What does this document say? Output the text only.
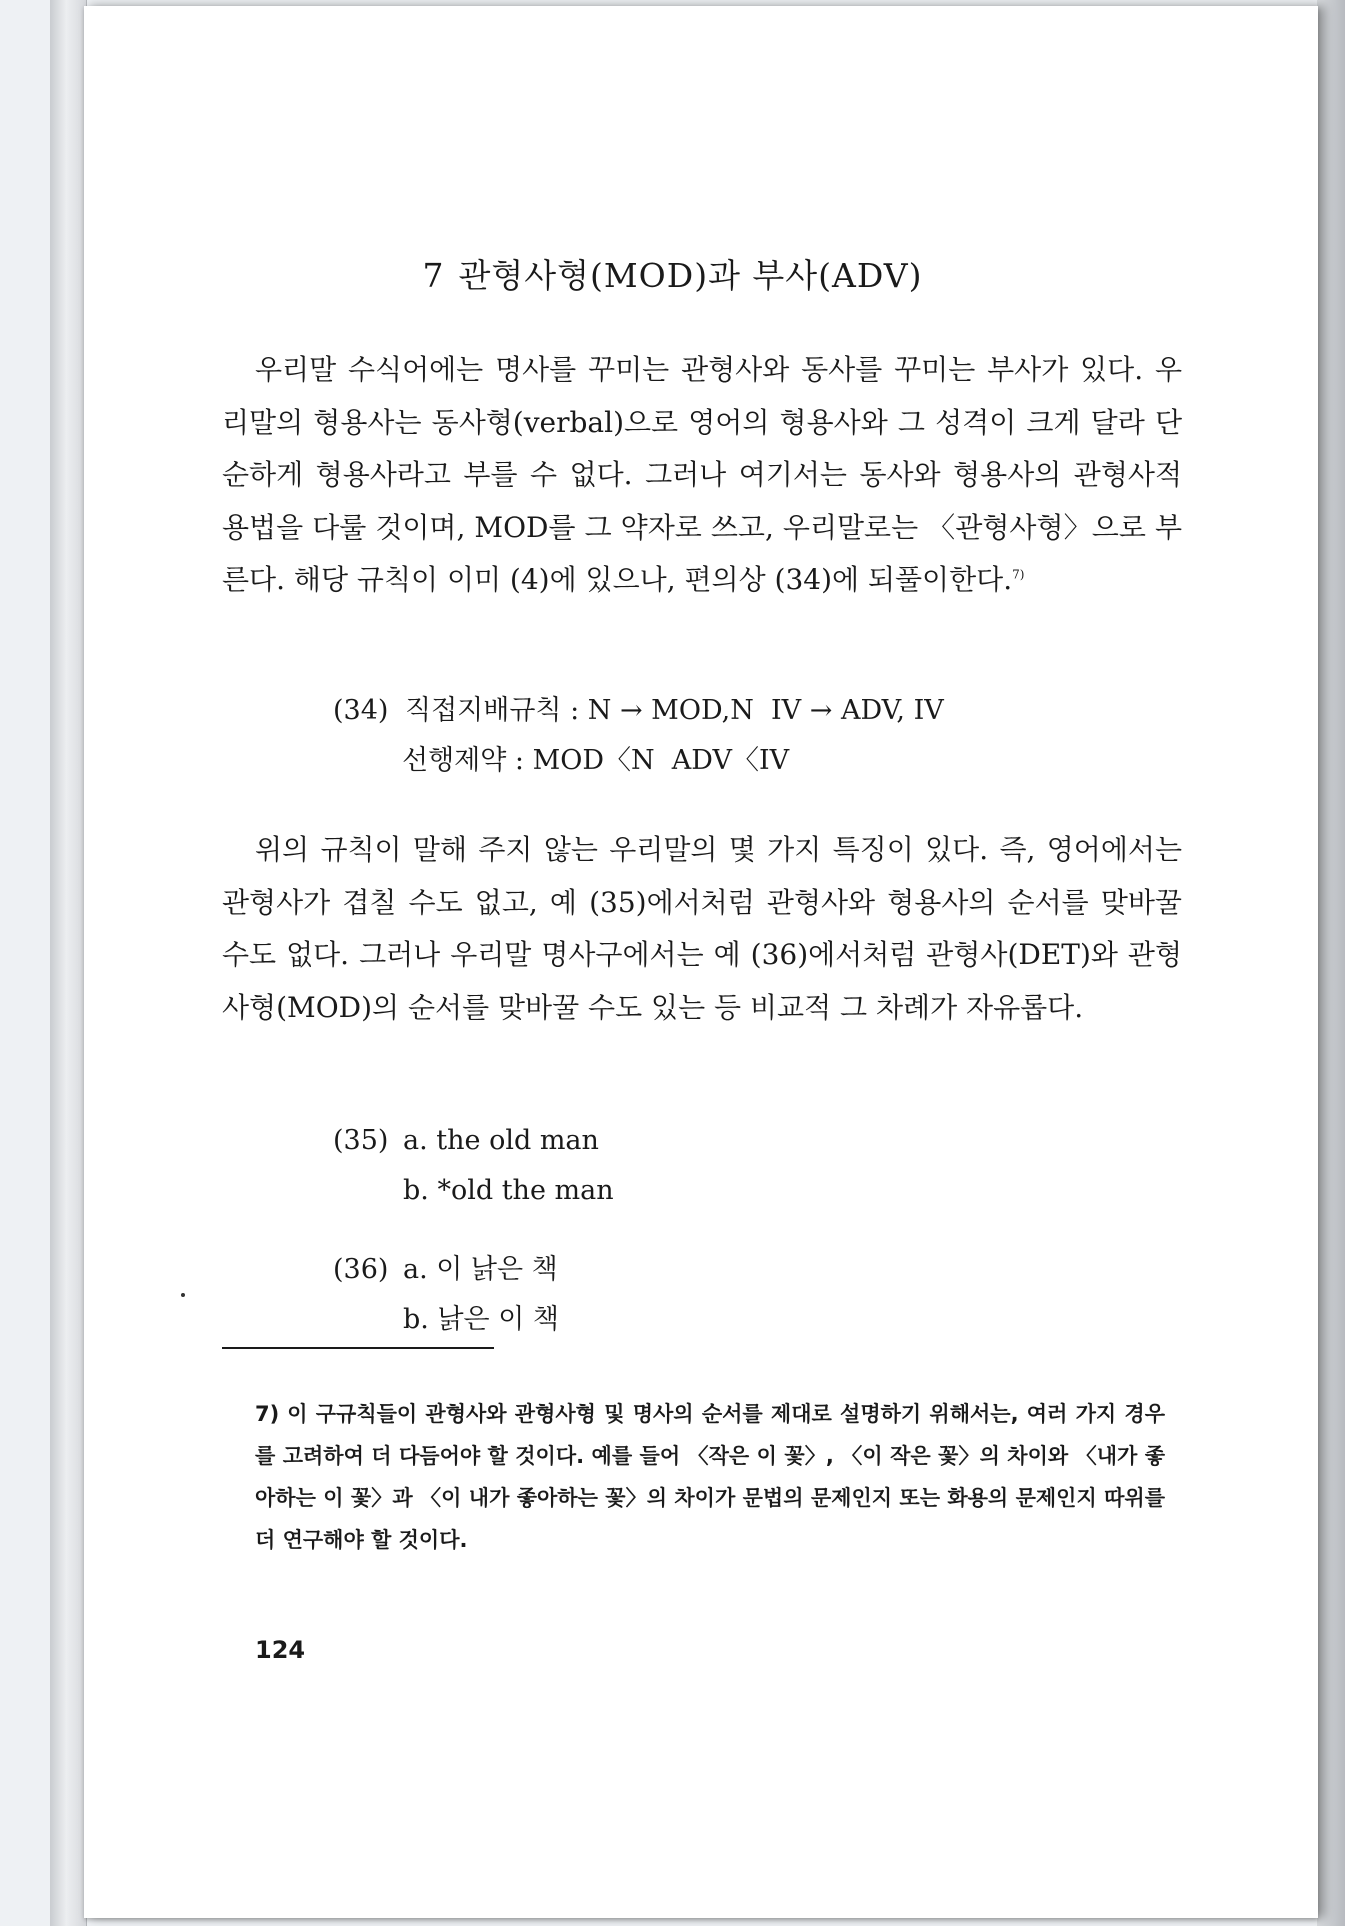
7 관형사형(MOD)과 부사(ADV)

우리말 수식어에는 명사를 꾸미는 관형사와 동사를 꾸미는 부사가 있다. 우리말의 형용사는 동사형(verbal)으로 영어의 형용사와 그 성격이 크게 달라 단순하게 형용사라고 부를 수 없다. 그러나 여기서는 동사와 형용사의 관형사적 용법을 다룰 것이며, MOD를 그 약자로 쓰고, 우리말로는 〈관형사형〉으로 부른다. 해당 규칙이 이미 (4)에 있으나, 편의상 (34)에 되풀이한다.$^{7)}$

(34) 직접지배규칙 : N → MOD,N  IV → ADV, IV
선행제약 : MOD〈N  ADV〈IV

위의 규칙이 말해 주지 않는 우리말의 몇 가지 특징이 있다. 즉, 영어에서는 관형사가 겹칠 수도 없고, 예 (35)에서처럼 관형사와 형용사의 순서를 맞바꿀 수도 없다. 그러나 우리말 명사구에서는 예 (36)에서처럼 관형사(DET)와 관형사형(MOD)의 순서를 맞바꿀 수도 있는 등 비교적 그 차례가 자유롭다.

(35) a. the old man
b. *old the man
(36) a. 이 낡은 책
b. 낡은 이 책

7) 이 구규칙들이 관형사와 관형사형 및 명사의 순서를 제대로 설명하기 위해서는, 여러 가지 경우를 고려하여 더 다듬어야 할 것이다. 예를 들어 〈작은 이 꽃〉, 〈이 작은 꽃〉의 차이와 〈내가 좋아하는 이 꽃〉과 〈이 내가 좋아하는 꽃〉의 차이가 문법의 문제인지 또는 화용의 문제인지 따위를 더 연구해야 할 것이다.

124
